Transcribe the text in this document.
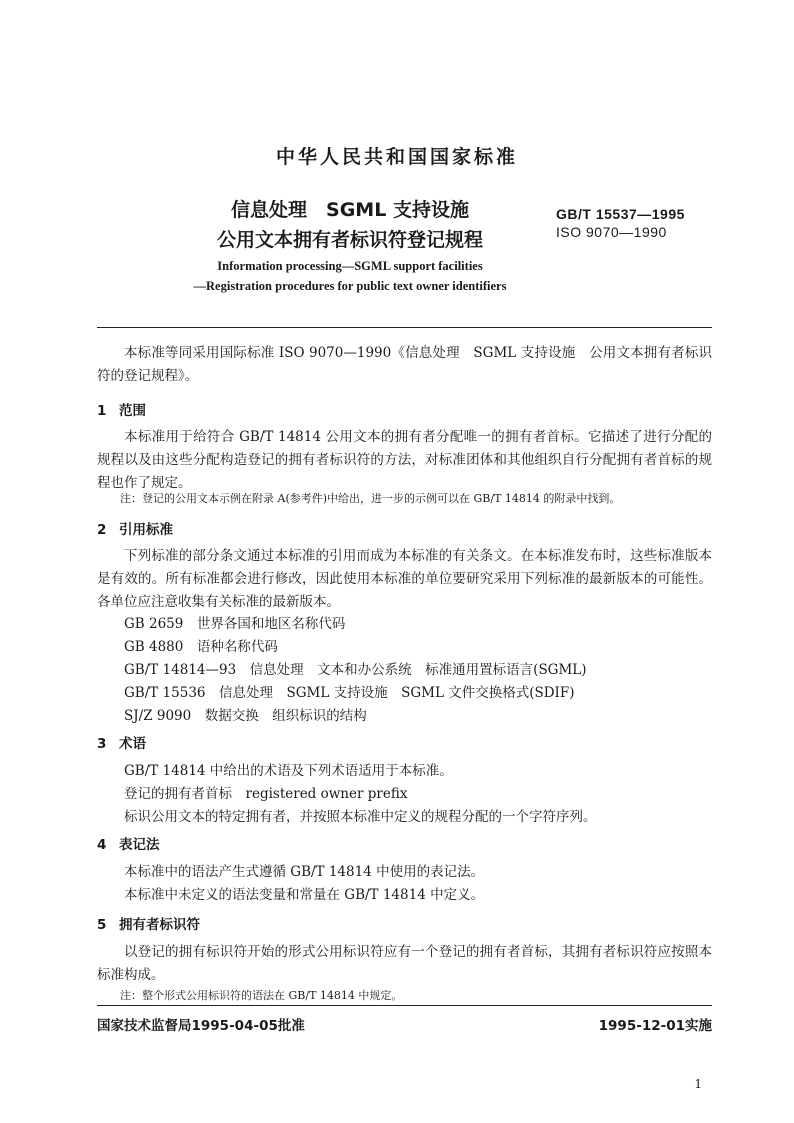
中华人民共和国国家标准
信息处理　SGML 支持设施
公用文本拥有者标识符登记规程
GB/T 15537—1995
ISO 9070—1990
Information processing—SGML support facilities
—Registration procedures for public text owner identifiers
本标准等同采用国际标准 ISO 9070—1990《信息处理　SGML 支持设施　公用文本拥有者标识符的登记规程》。
1 范围
本标准用于给符合 GB/T 14814 公用文本的拥有者分配唯一的拥有者首标。它描述了进行分配的规程以及由这些分配构造登记的拥有者标识符的方法，对标准团体和其他组织自行分配拥有者首标的规程也作了规定。
注：登记的公用文本示例在附录 A(参考件)中给出，进一步的示例可以在 GB/T 14814 的附录中找到。
2 引用标准
下列标准的部分条文通过本标准的引用而成为本标准的有关条文。在本标准发布时，这些标准版本是有效的。所有标准都会进行修改，因此使用本标准的单位要研究采用下列标准的最新版本的可能性。各单位应注意收集有关标准的最新版本。
GB 2659　世界各国和地区名称代码
GB 4880　语种名称代码
GB/T 14814—93　信息处理　文本和办公系统　标准通用置标语言(SGML)
GB/T 15536　信息处理　SGML 支持设施　SGML 文件交换格式(SDIF)
SJ/Z 9090　数据交换　组织标识的结构
3 术语
GB/T 14814 中给出的术语及下列术语适用于本标准。
登记的拥有者首标　registered owner prefix
标识公用文本的特定拥有者，并按照本标准中定义的规程分配的一个字符序列。
4 表记法
本标准中的语法产生式遵循 GB/T 14814 中使用的表记法。
本标准中未定义的语法变量和常量在 GB/T 14814 中定义。
5 拥有者标识符
以登记的拥有标识符开始的形式公用标识符应有一个登记的拥有者首标，其拥有者标识符应按照本标准构成。
注：整个形式公用标识符的语法在 GB/T 14814 中规定。
国家技术监督局1995-04-05批准	1995-12-01实施
1
